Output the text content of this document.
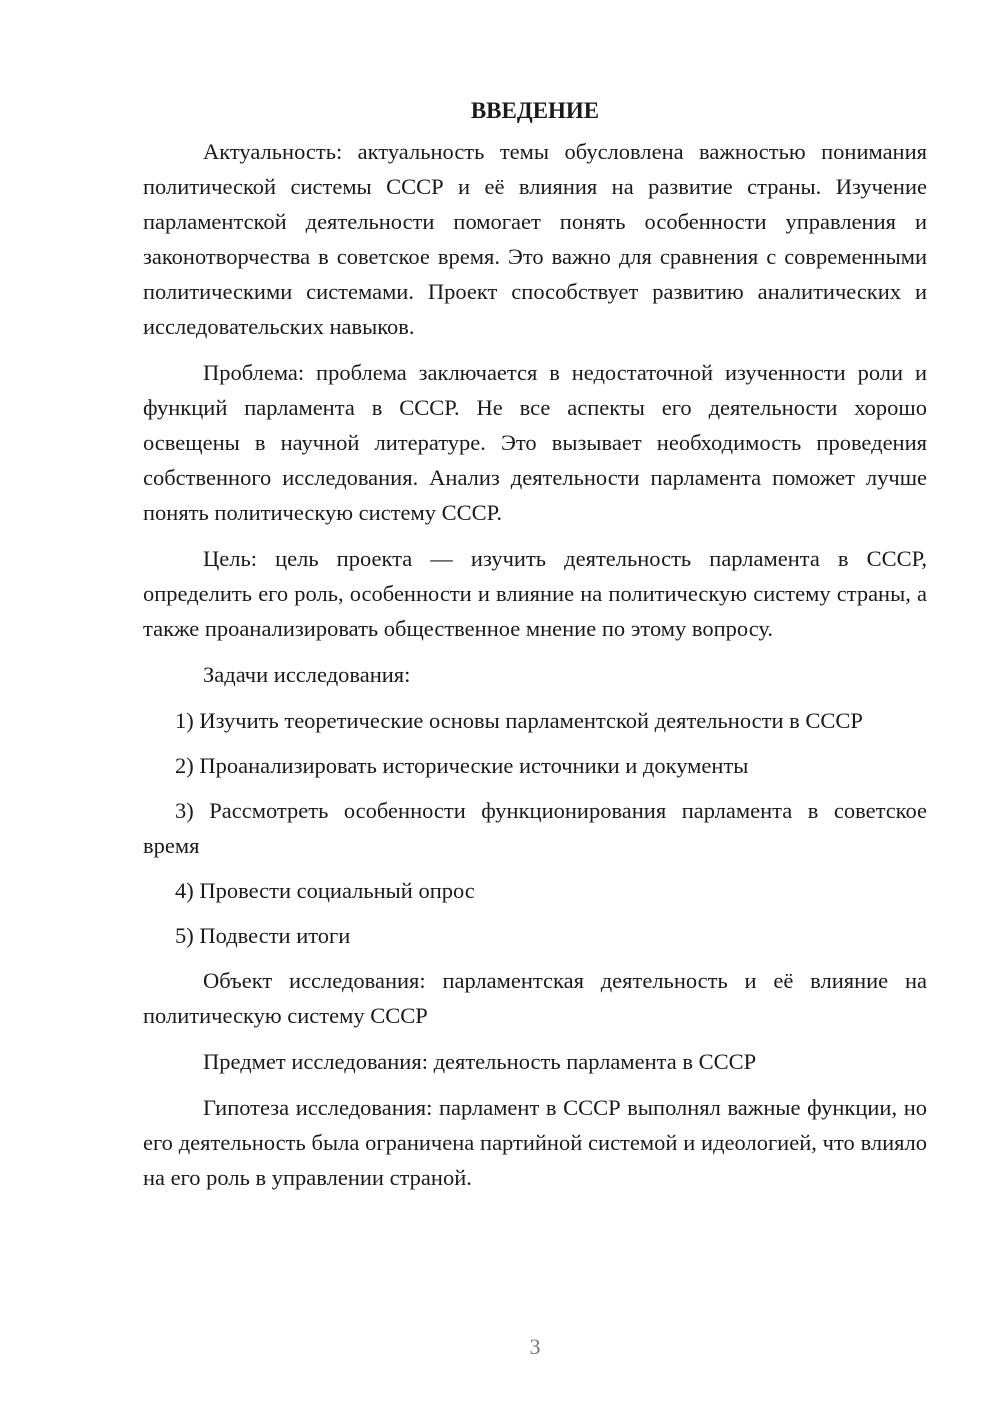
ВВЕДЕНИЕ

Актуальность: актуальность темы обусловлена важностью понимания политической системы СССР и её влияния на развитие страны. Изучение парламентской деятельности помогает понять особенности управления и законотворчества в советское время. Это важно для сравнения с современными политическими системами. Проект способствует развитию аналитических и исследовательских навыков.

Проблема: проблема заключается в недостаточной изученности роли и функций парламента в СССР. Не все аспекты его деятельности хорошо освещены в научной литературе. Это вызывает необходимость проведения собственного исследования. Анализ деятельности парламента поможет лучше понять политическую систему СССР.

Цель: цель проекта — изучить деятельность парламента в СССР, определить его роль, особенности и влияние на политическую систему страны, а также проанализировать общественное мнение по этому вопросу.

Задачи исследования:

1) Изучить теоретические основы парламентской деятельности в СССР

2) Проанализировать исторические источники и документы

3) Рассмотреть особенности функционирования парламента в советское время

4) Провести социальный опрос

5) Подвести итоги

Объект исследования: парламентская деятельность и её влияние на политическую систему СССР

Предмет исследования: деятельность парламента в СССР

Гипотеза исследования: парламент в СССР выполнял важные функции, но его деятельность была ограничена партийной системой и идеологией, что влияло на его роль в управлении страной.

3
